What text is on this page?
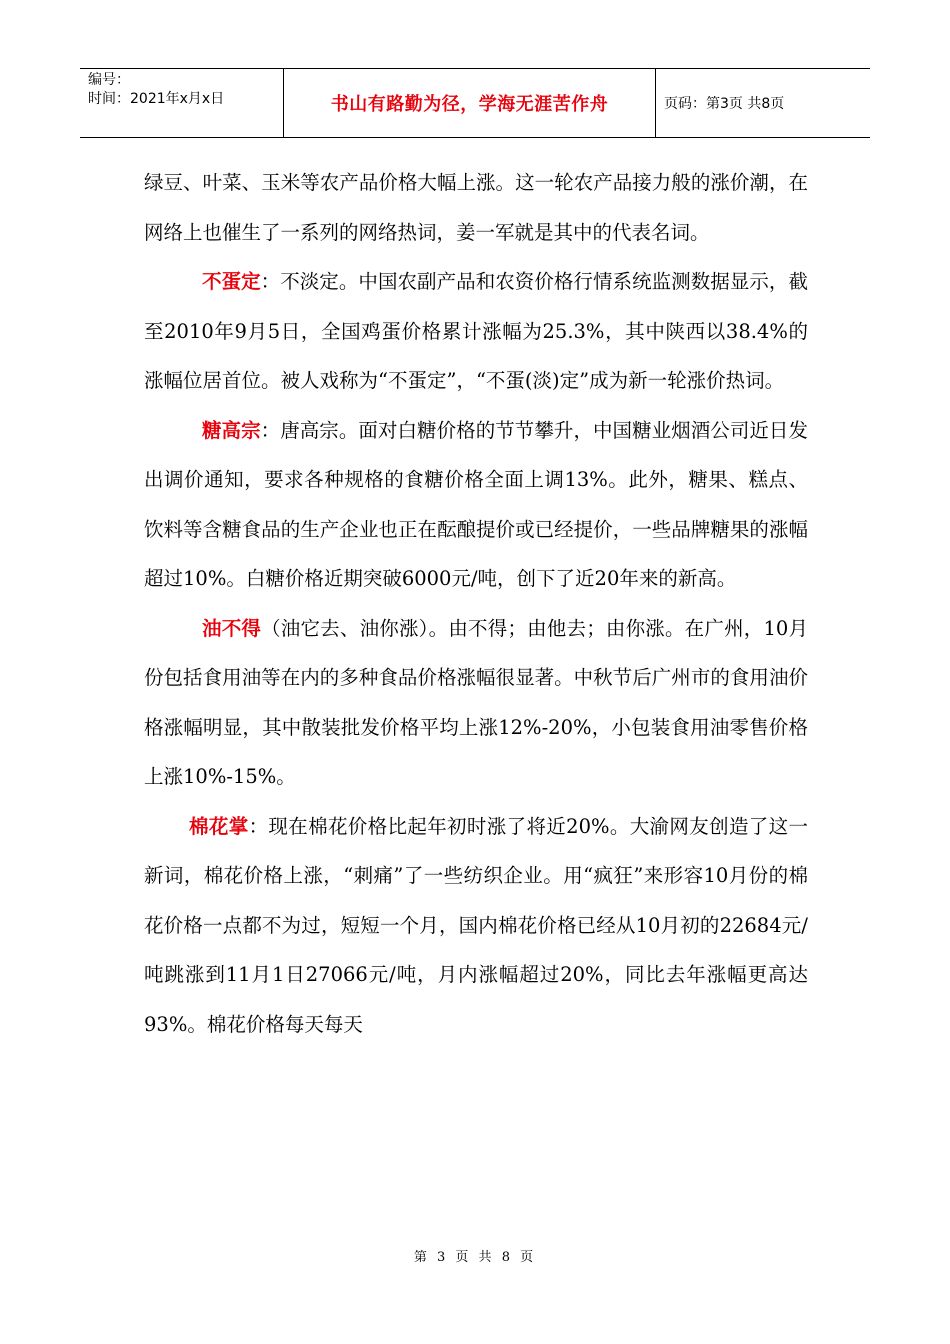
编号：
时间：2021年x月x日	书山有路勤为径，学海无涯苦作舟	页码：第3页 共8页

绿豆、叶菜、玉米等农产品价格大幅上涨。这一轮农产品接力般的涨价潮，在网络上也催生了一系列的网络热词，姜一军就是其中的代表名词。

不蛋定：不淡定。中国农副产品和农资价格行情系统监测数据显示，截至2010年9月5日，全国鸡蛋价格累计涨幅为25.3%，其中陕西以38.4%的涨幅位居首位。被人戏称为“不蛋定”，“不蛋(淡)定”成为新一轮涨价热词。

糖高宗：唐高宗。面对白糖价格的节节攀升，中国糖业烟酒公司近日发出调价通知，要求各种规格的食糖价格全面上调13%。此外，糖果、糕点、饮料等含糖食品的生产企业也正在酝酿提价或已经提价，一些品牌糖果的涨幅超过10%。白糖价格近期突破6000元/吨，创下了近20年来的新高。

油不得（油它去、油你涨）。由不得；由他去；由你涨。在广州，10月份包括食用油等在内的多种食品价格涨幅很显著。中秋节后广州市的食用油价格涨幅明显，其中散装批发价格平均上涨12%-20%，小包装食用油零售价格上涨10%-15%。

棉花掌：现在棉花价格比起年初时涨了将近20%。大渝网友创造了这一新词，棉花价格上涨，“刺痛”了一些纺织企业。用“疯狂”来形容10月份的棉花价格一点都不为过，短短一个月，国内棉花价格已经从10月初的22684元/吨跳涨到11月1日27066元/吨，月内涨幅超过20%，同比去年涨幅更高达93%。棉花价格每天每天

第 3 页 共 8 页
